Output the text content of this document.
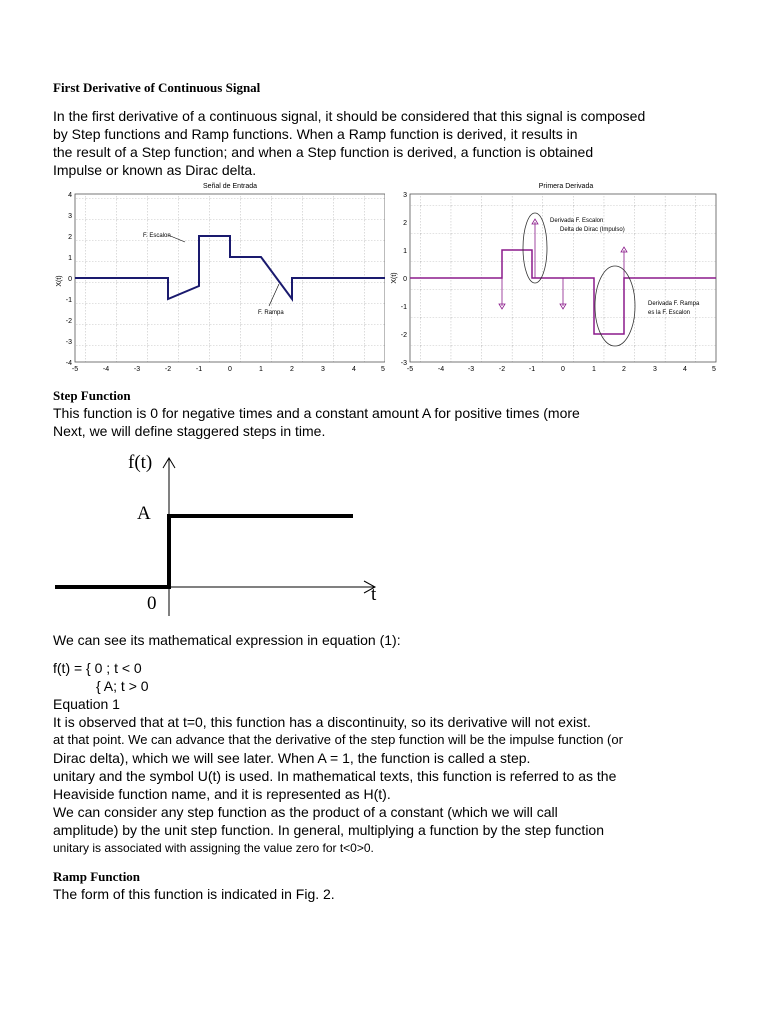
First Derivative of Continuous Signal
In the first derivative of a continuous signal, it should be considered that this signal is composed
by Step functions and Ramp functions. When a Ramp function is derived, it results in
the result of a Step function; and when a Step function is derived, a function is obtained
Impulse or known as Dirac delta.
Señal de Entrada
X(t)
-5	-4	-3	-2	-1	0	1	2	3	4	5
4
3
2
1
0
-1
-2
-3
-4
F. Escalon
F. Rampa
Primera Derivada
X(t)
-5	-4	-3	-2	-1	0	1	2	3	4	5
3
2
1
0
-1
-2
-3
Derivada F. Escalon
Delta de Dirac (Impulso)
Derivada F. Rampa
es la F. Escalon
Step Function
This function is 0 for negative times and a constant amount A for positive times (more
Next, we will define staggered steps in time.
f(t)
A
0	t
We can see its mathematical expression in equation (1):
f(t) = { 0 ; t < 0
{ A; t > 0
Equation 1
It is observed that at t=0, this function has a discontinuity, so its derivative will not exist.
at that point. We can advance that the derivative of the step function will be the impulse function (or
Dirac delta), which we will see later. When A = 1, the function is called a step.
unitary and the symbol U(t) is used. In mathematical texts, this function is referred to as the
Heaviside function name, and it is represented as H(t).
We can consider any step function as the product of a constant (which we will call
amplitude) by the unit step function. In general, multiplying a function by the step function
unitary is associated with assigning the value zero for t<0>0.
Ramp Function
The form of this function is indicated in Fig. 2.
